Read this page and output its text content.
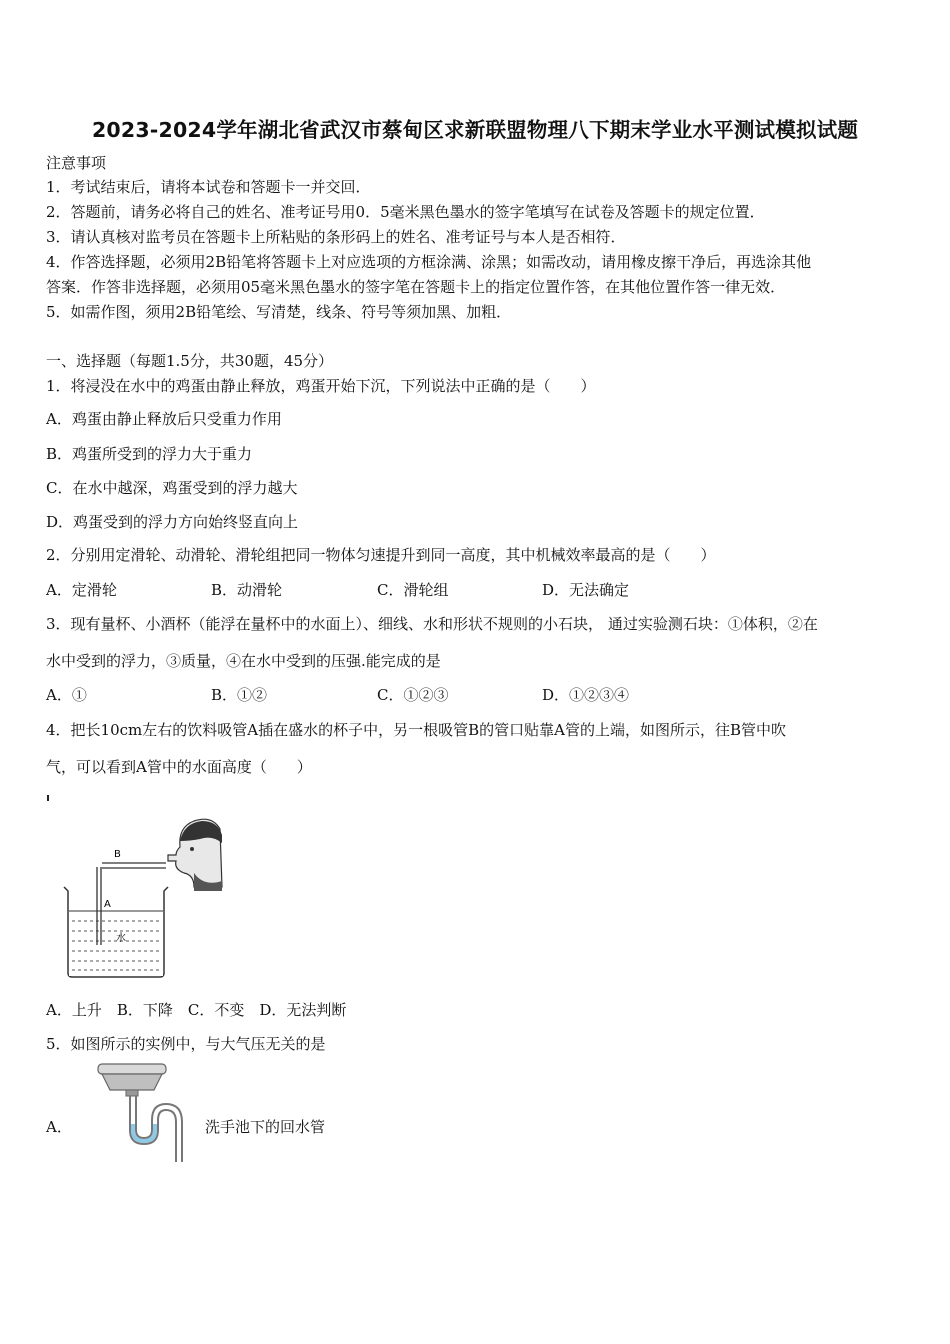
2023-2024学年湖北省武汉市蔡甸区求新联盟物理八下期末学业水平测试模拟试题
注意事项
1．考试结束后，请将本试卷和答题卡一并交回．
2．答题前，请务必将自己的姓名、准考证号用0．5毫米黑色墨水的签字笔填写在试卷及答题卡的规定位置．
3．请认真核对监考员在答题卡上所粘贴的条形码上的姓名、准考证号与本人是否相符．
4．作答选择题，必须用2B铅笔将答题卡上对应选项的方框涂满、涂黑；如需改动，请用橡皮擦干净后，再选涂其他
答案．作答非选择题，必须用05毫米黑色墨水的签字笔在答题卡上的指定位置作答，在其他位置作答一律无效．
5．如需作图，须用2B铅笔绘、写清楚，线条、符号等须加黑、加粗．
一、选择题（每题1.5分，共30题，45分）
1．将浸没在水中的鸡蛋由静止释放，鸡蛋开始下沉，下列说法中正确的是（　　）
A．鸡蛋由静止释放后只受重力作用
B．鸡蛋所受到的浮力大于重力
C．在水中越深，鸡蛋受到的浮力越大
D．鸡蛋受到的浮力方向始终竖直向上
2．分别用定滑轮、动滑轮、滑轮组把同一物体匀速提升到同一高度，其中机械效率最高的是（　　）
A．定滑轮	B．动滑轮	C．滑轮组	D．无法确定
3．现有量杯、小酒杯（能浮在量杯中的水面上）、细线、水和形状不规则的小石块， 通过实验测石块：①体积，②在
水中受到的浮力，③质量，④在水中受到的压强.能完成的是
A．①	B．①②	C．①②③	D．①②③④
4．把长10cm左右的饮料吸管A插在盛水的杯子中，另一根吸管B的管口贴靠A管的上端，如图所示，往B管中吹
气，可以看到A管中的水面高度（　　）
B
A
水
A．上升　B．下降　C．不变　D．无法判断
5．如图所示的实例中，与大气压无关的是
A．	洗手池下的回水管
